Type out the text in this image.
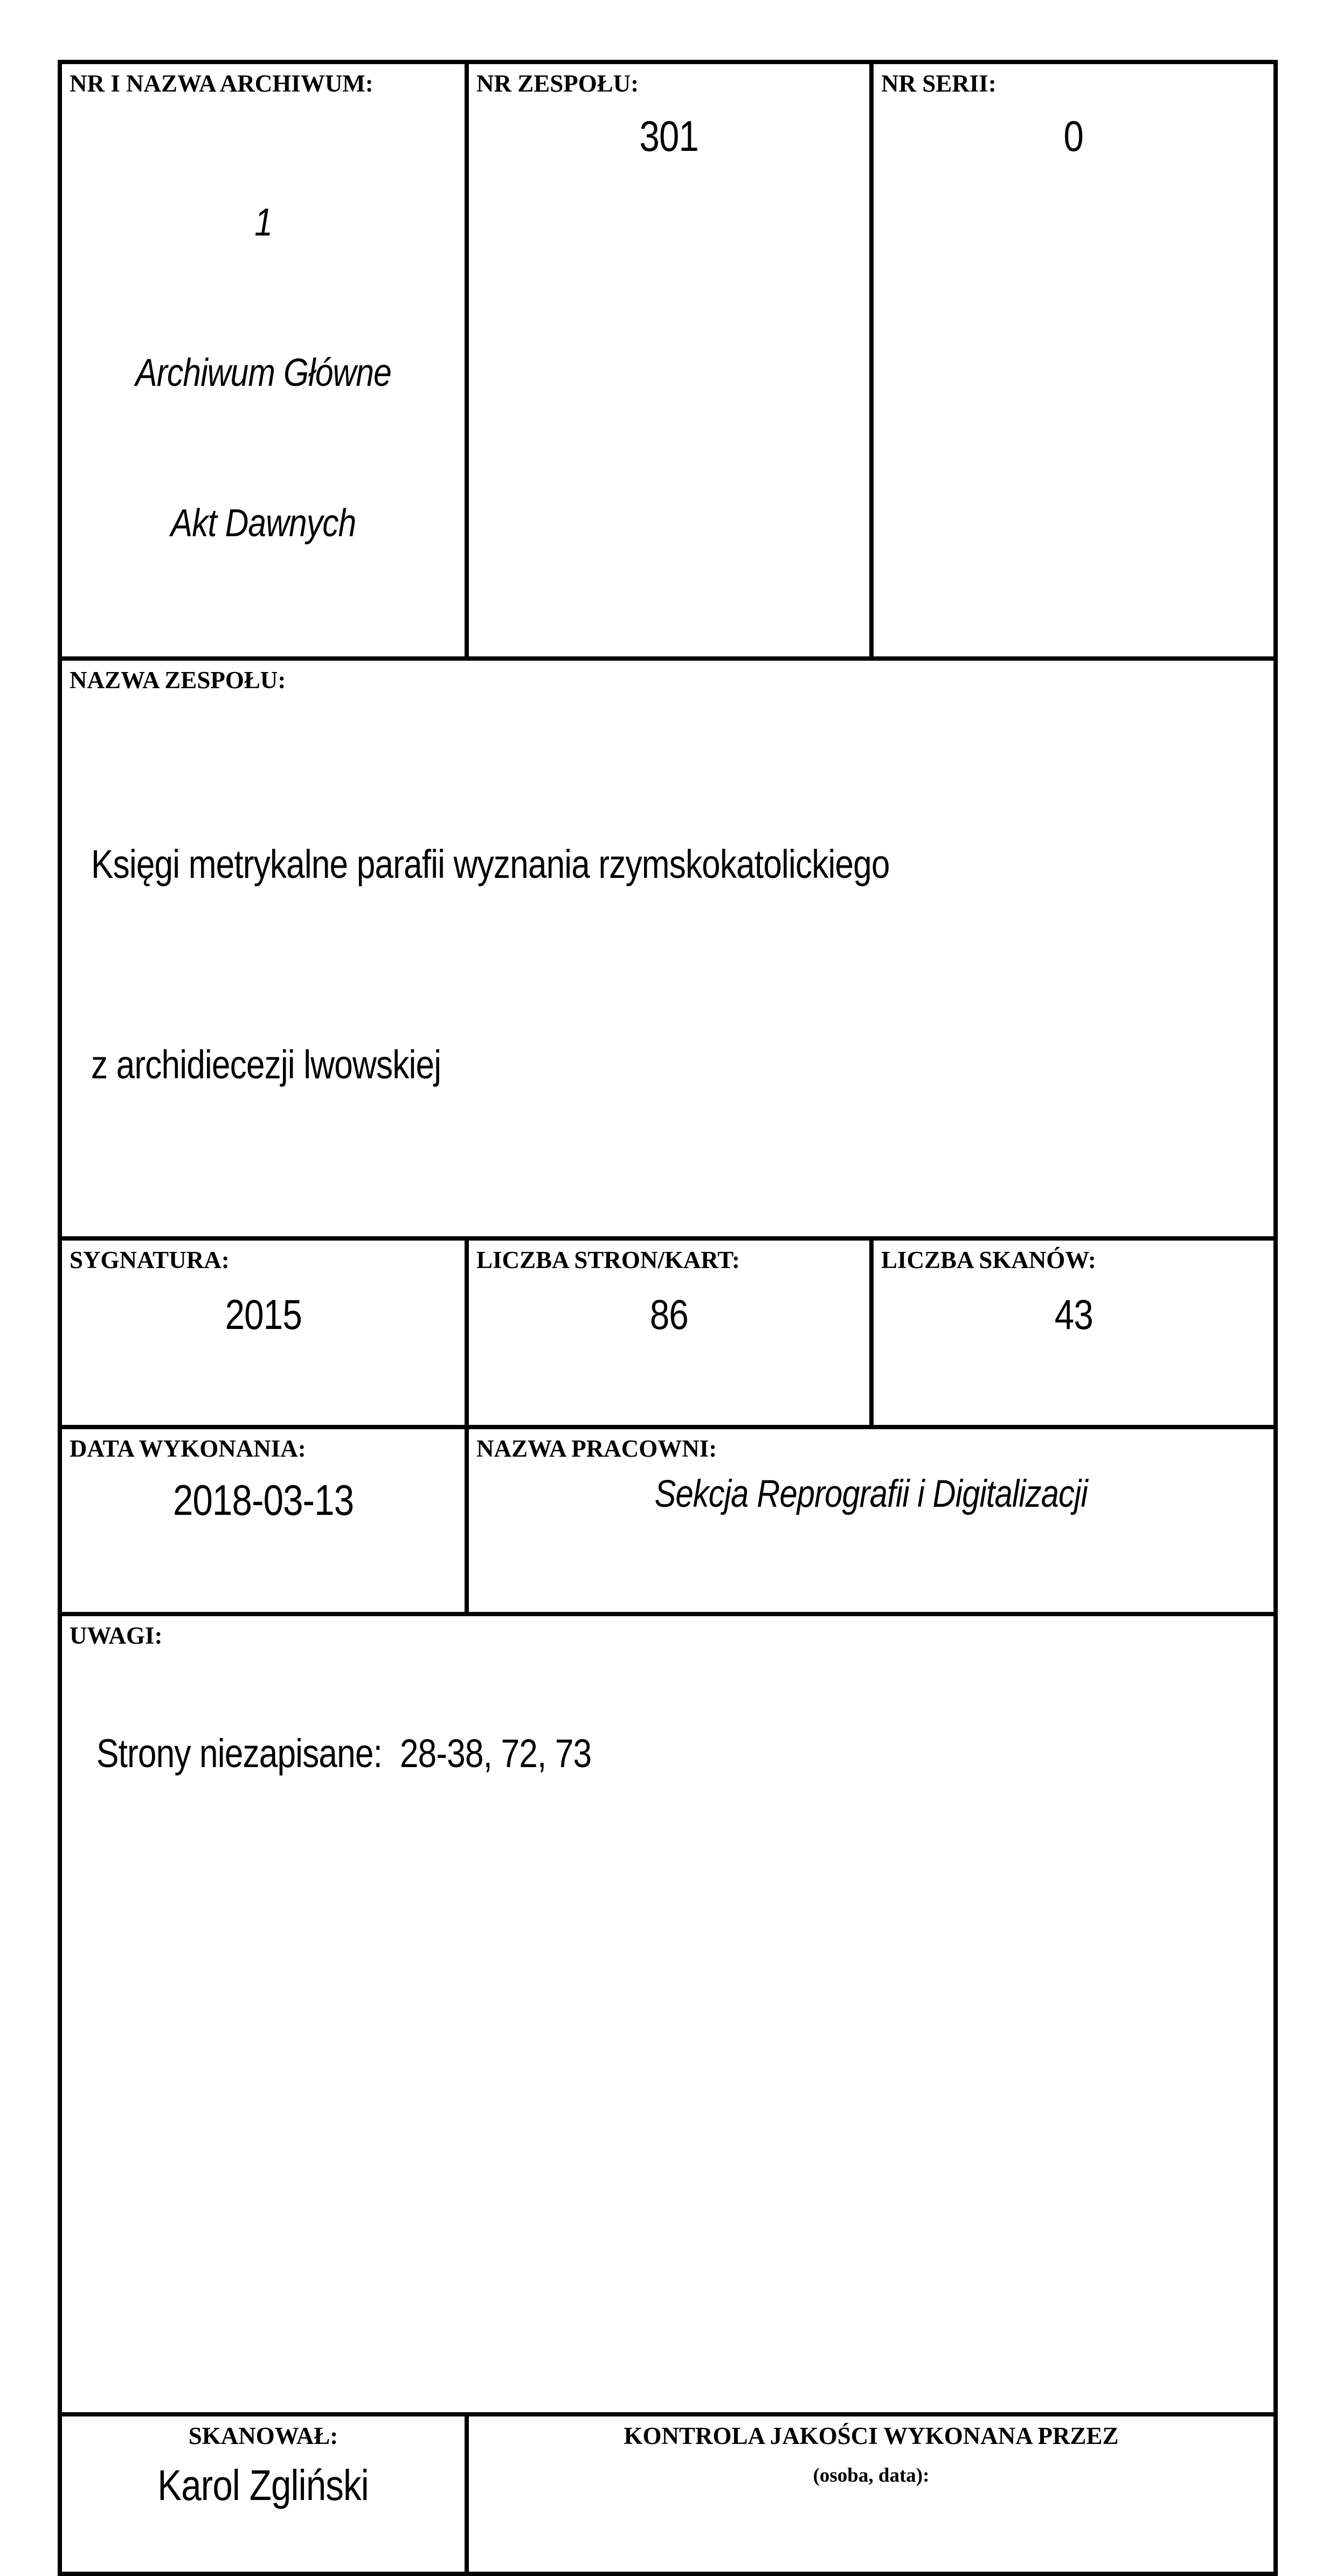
NR I NAZWA ARCHIWUM:

1

Archiwum Główne

Akt Dawnych

NR ZESPOŁU:
301

NR SERII:
0

NAZWA ZESPOŁU:

Księgi metrykalne parafii wyznania rzymskokatolickiego

z archidiecezji lwowskiej		

SYGNATURA:
2015

LICZBA STRON/KART:
86

LICZBA SKANÓW:
43

DATA WYKONANIA:
2018-03-13

NAZWA PRACOWNI:
Sekcja Reprografii i Digitalizacji

UWAGI:
Strony niezapisane:  28-38, 72, 73		

SKANOWAŁ:
Karol Zgliński

KONTROLA JAKOŚCI WYKONANA PRZEZ
(osoba, data):
